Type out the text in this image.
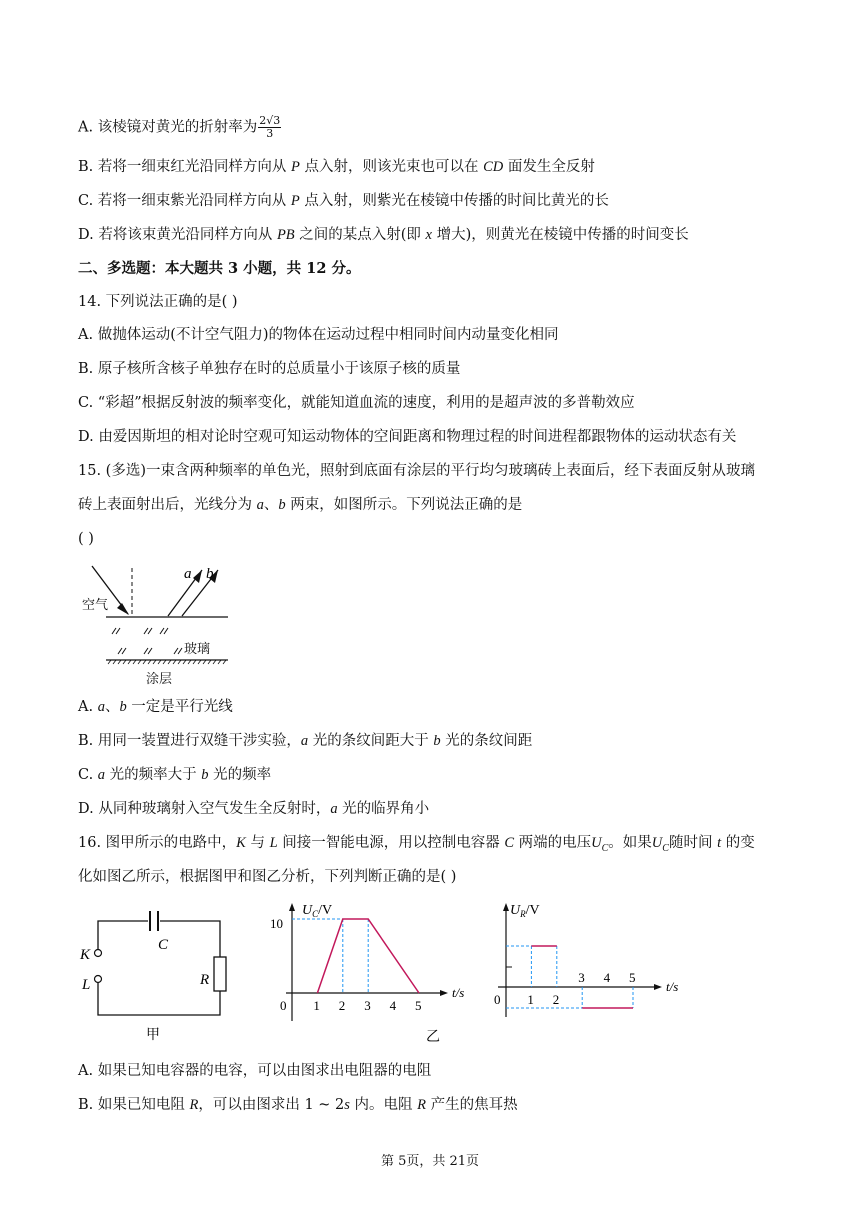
A. 该棱镜对黄光的折射率为 $\frac{2√3}{3}$
B. 若将一细束红光沿同样方向从 P 点入射，则该光束也可以在 CD 面发生全反射
C. 若将一细束紫光沿同样方向从 P 点入射，则紫光在棱镜中传播的时间比黄光的长
D. 若将该束黄光沿同样方向从 PB 之间的某点入射(即 x 增大)，则黄光在棱镜中传播的时间变长
二、多选题：本大题共 3 小题，共 12 分。
14. 下列说法正确的是( )
A. 做抛体运动(不计空气阻力)的物体在运动过程中相同时间内动量变化相同
B. 原子核所含核子单独存在时的总质量小于该原子核的质量
C. “彩超”根据反射波的频率变化，就能知道血流的速度，利用的是超声波的多普勒效应
D. 由爱因斯坦的相对论时空观可知运动物体的空间距离和物理过程的时间进程都跟物体的运动状态有关
15. (多选)一束含两种频率的单色光，照射到底面有涂层的平行均匀玻璃砖上表面后，经下表面反射从玻璃
砖上表面射出后，光线分为 a、b 两束，如图所示。下列说法正确的是
( )
a b
空气
玻璃
涂层
A. a、b 一定是平行光线
B. 用同一装置进行双缝干涉实验，a 光的条纹间距大于 b 光的条纹间距
C. a 光的频率大于 b 光的频率
D. 从同种玻璃射入空气发生全反射时，a 光的临界角小
16. 图甲所示的电路中，K 与 L 间接一智能电源，用以控制电容器 C 两端的电压$U_C$。如果$U_C$随时间 t 的变
化如图乙所示，根据图甲和图乙分析，下列判断正确的是( )
K
L
C
R
甲
0 1 2 3 4 5
$U_C/V$
10
t/s
乙
0 1 2
3 4 5
$U_R/V$
t/s
A. 如果已知电容器的电容，可以由图求出电阻器的电阻
B. 如果已知电阻 R，可以由图求出 1 ~ 2s 内。电阻 R 产生的焦耳热
第 5页，共 21页
